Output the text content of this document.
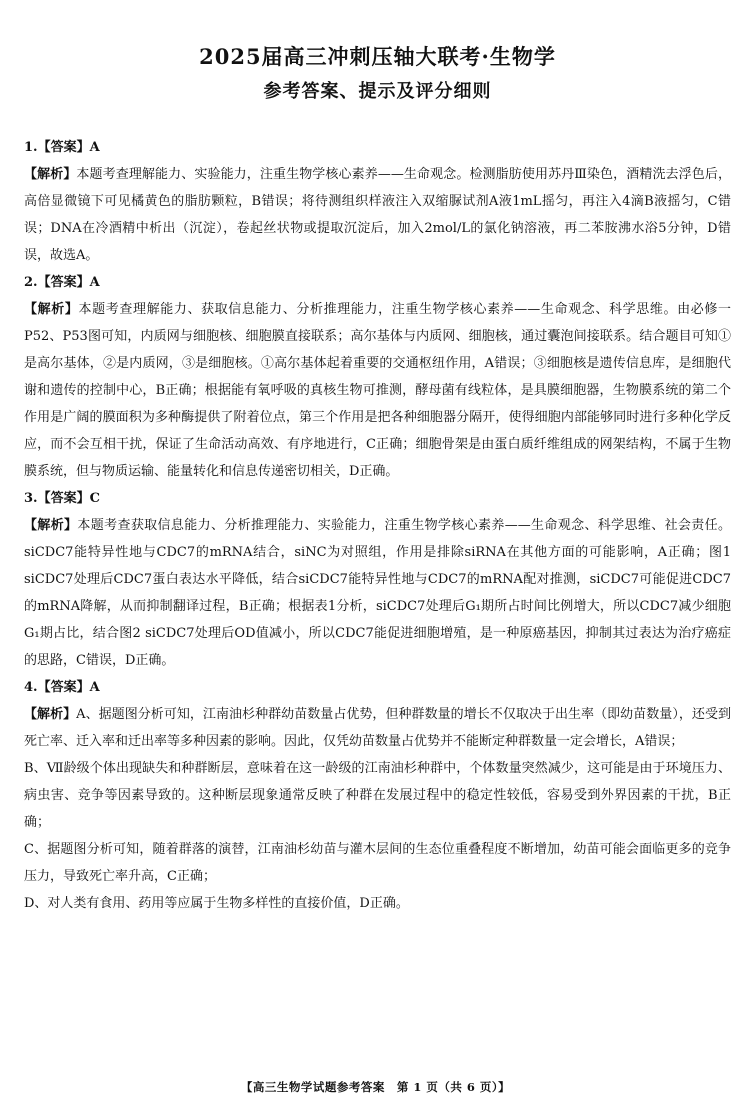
2025届高三冲刺压轴大联考·生物学
参考答案、提示及评分细则
1.【答案】A

【解析】本题考查理解能力、实验能力，注重生物学核心素养——生命观念。检测脂肪使用苏丹Ⅲ染色，酒精洗去浮色后，高倍显微镜下可见橘黄色的脂肪颗粒，B错误；将待测组织样液注入双缩脲试剂A液1mL摇匀，再注入4滴B液摇匀，C错误；DNA在冷酒精中析出（沉淀），卷起丝状物或提取沉淀后，加入2mol/L的氯化钠溶液，再二苯胺沸水浴5分钟，D错误，故选A。

2.【答案】A

【解析】本题考查理解能力、获取信息能力、分析推理能力，注重生物学核心素养——生命观念、科学思维。由必修一P52、P53图可知，内质网与细胞核、细胞膜直接联系；高尔基体与内质网、细胞核，通过囊泡间接联系。结合题目可知①是高尔基体，②是内质网，③是细胞核。①高尔基体起着重要的交通枢纽作用，A错误；③细胞核是遗传信息库，是细胞代谢和遗传的控制中心，B正确；根据能有氧呼吸的真核生物可推测，酵母菌有线粒体，是具膜细胞器，生物膜系统的第二个作用是广阔的膜面积为多种酶提供了附着位点，第三个作用是把各种细胞器分隔开，使得细胞内部能够同时进行多种化学反应，而不会互相干扰，保证了生命活动高效、有序地进行，C正确；细胞骨架是由蛋白质纤维组成的网架结构，不属于生物膜系统，但与物质运输、能量转化和信息传递密切相关，D正确。

3.【答案】C

【解析】本题考查获取信息能力、分析推理能力、实验能力，注重生物学核心素养——生命观念、科学思维、社会责任。siCDC7能特异性地与CDC7的mRNA结合，siNC为对照组，作用是排除siRNA在其他方面的可能影响，A正确；图1 siCDC7处理后CDC7蛋白表达水平降低，结合siCDC7能特异性地与CDC7的mRNA配对推测，siCDC7可能促进CDC7的mRNA降解，从而抑制翻译过程，B正确；根据表1分析，siCDC7处理后G₁期所占时间比例增大，所以CDC7减少细胞G₁期占比，结合图2 siCDC7处理后OD值减小，所以CDC7能促进细胞增殖，是一种原癌基因，抑制其过表达为治疗癌症的思路，C错误，D正确。

4.【答案】A

【解析】A、据题图分析可知，江南油杉种群幼苗数量占优势，但种群数量的增长不仅取决于出生率（即幼苗数量），还受到死亡率、迁入率和迁出率等多种因素的影响。因此，仅凭幼苗数量占优势并不能断定种群数量一定会增长，A错误；

B、Ⅶ龄级个体出现缺失和种群断层，意味着在这一龄级的江南油杉种群中，个体数量突然减少，这可能是由于环境压力、病虫害、竞争等因素导致的。这种断层现象通常反映了种群在发展过程中的稳定性较低，容易受到外界因素的干扰，B正确；

C、据题图分析可知，随着群落的演替，江南油杉幼苗与灌木层间的生态位重叠程度不断增加，幼苗可能会面临更多的竞争压力，导致死亡率升高，C正确；

D、对人类有食用、药用等应属于生物多样性的直接价值，D正确。

【高三生物学试题参考答案　第 1 页（共 6 页）】
